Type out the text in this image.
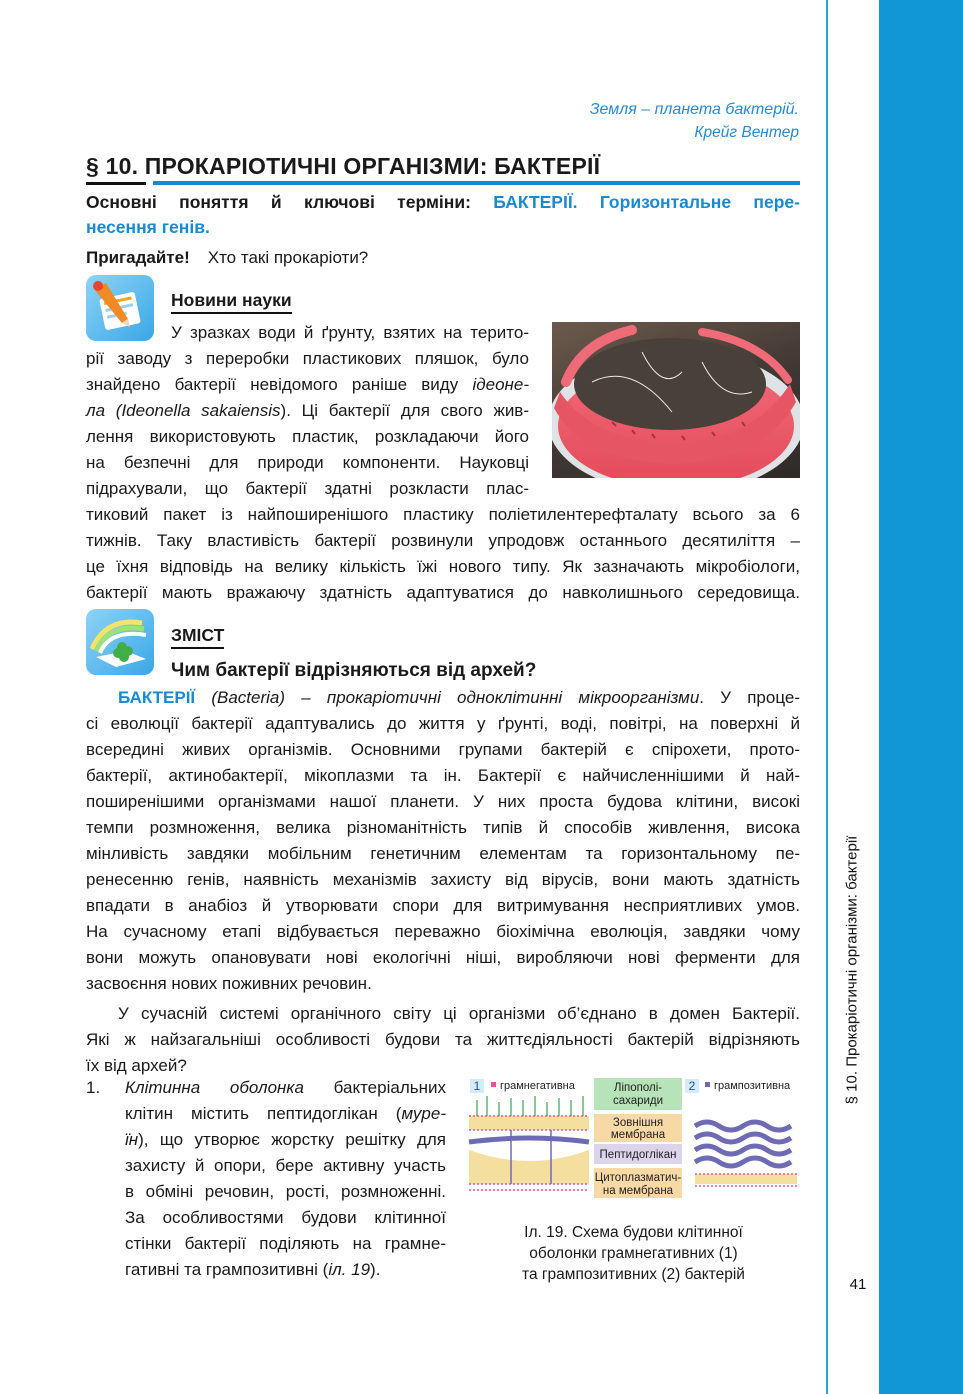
§ 10. Прокаріотичні організми: бактерії
41
Земля – планета бактерій.
Крейг Вентер
§ 10. ПРОКАРІОТИЧНІ ОРГАНІЗМИ: БАКТЕРІЇ
Основні поняття й ключові терміни: БАКТЕРІЇ. Горизонтальне пере-
несення генів.
Пригадайте! Хто такі прокаріоти?
Новини науки
У зразках води й ґрунту, взятих на терито-
рії заводу з переробки пластикових пляшок, було
знайдено бактерії невідомого раніше виду ідеоне-
ла (Ideonella sakaiensis). Ці бактерії для свого жив-
лення використовують пластик, розкладаючи його
на безпечні для природи компоненти. Науковці
підрахували, що бактерії здатні розкласти плас-
тиковий пакет із найпоширенішого пластику поліетилентерефталату всього за 6
тижнів. Таку властивість бактерії розвинули упродовж останнього десятиліття –
це їхня відповідь на велику кількість їжі нового типу. Як зазначають мікробіологи,
бактерії мають вражаючу здатність адаптуватися до навколишнього середовища.
ЗМІСТ
Чим бактерії відрізняються від архей?
БАКТЕРІЇ (Bacteria) – прокаріотичні одноклітинні мікроорганізми. У проце-
сі еволюції бактерії адаптувались до життя у ґрунті, воді, повітрі, на поверхні й
всередині живих організмів. Основними групами бактерій є спірохети, прото-
бактерії, актинобактерії, мікоплазми та ін. Бактерії є найчисленнішими й най-
поширенішими організмами нашої планети. У них проста будова клітини, високі
темпи розмноження, велика різноманітність типів й способів живлення, висока
мінливість завдяки мобільним генетичним елементам та горизонтальному пе-
ренесенню генів, наявність механізмів захисту від вірусів, вони мають здатність
впадати в анабіоз й утворювати спори для витримування несприятливих умов.
На сучасному етапі відбувається переважно біохімічна еволюція, завдяки чому
вони можуть опановувати нові екологічні ніші, виробляючи нові ферменти для
засвоєння нових поживних речовин.
У сучасній системі органічного світу ці організми об’єднано в домен Бактерії.
Які ж найзагальніші особливості будови та життєдіяльності бактерій відрізняють
їх від архей?
1.	Клітинна оболонка бактеріальних
клітин містить пептидоглікан (муре-
їн), що утворює жорстку решітку для
захисту й опори, бере активну участь
в обміні речовин, рості, розмноженні.
За особливостями будови клітинної
стінки бактерії поділяють на грамне-
гативні та грампозитивні (іл. 19).
1 грамнегативна	Ліпополі-
сахариди
Зовнішня
мембрана
Пептидоглікан
Цитоплазматич-
на мембрана
2 грампозитивна
Іл. 19. Схема будови клітинної
оболонки грамнегативних (1)
та грампозитивних (2) бактерій
